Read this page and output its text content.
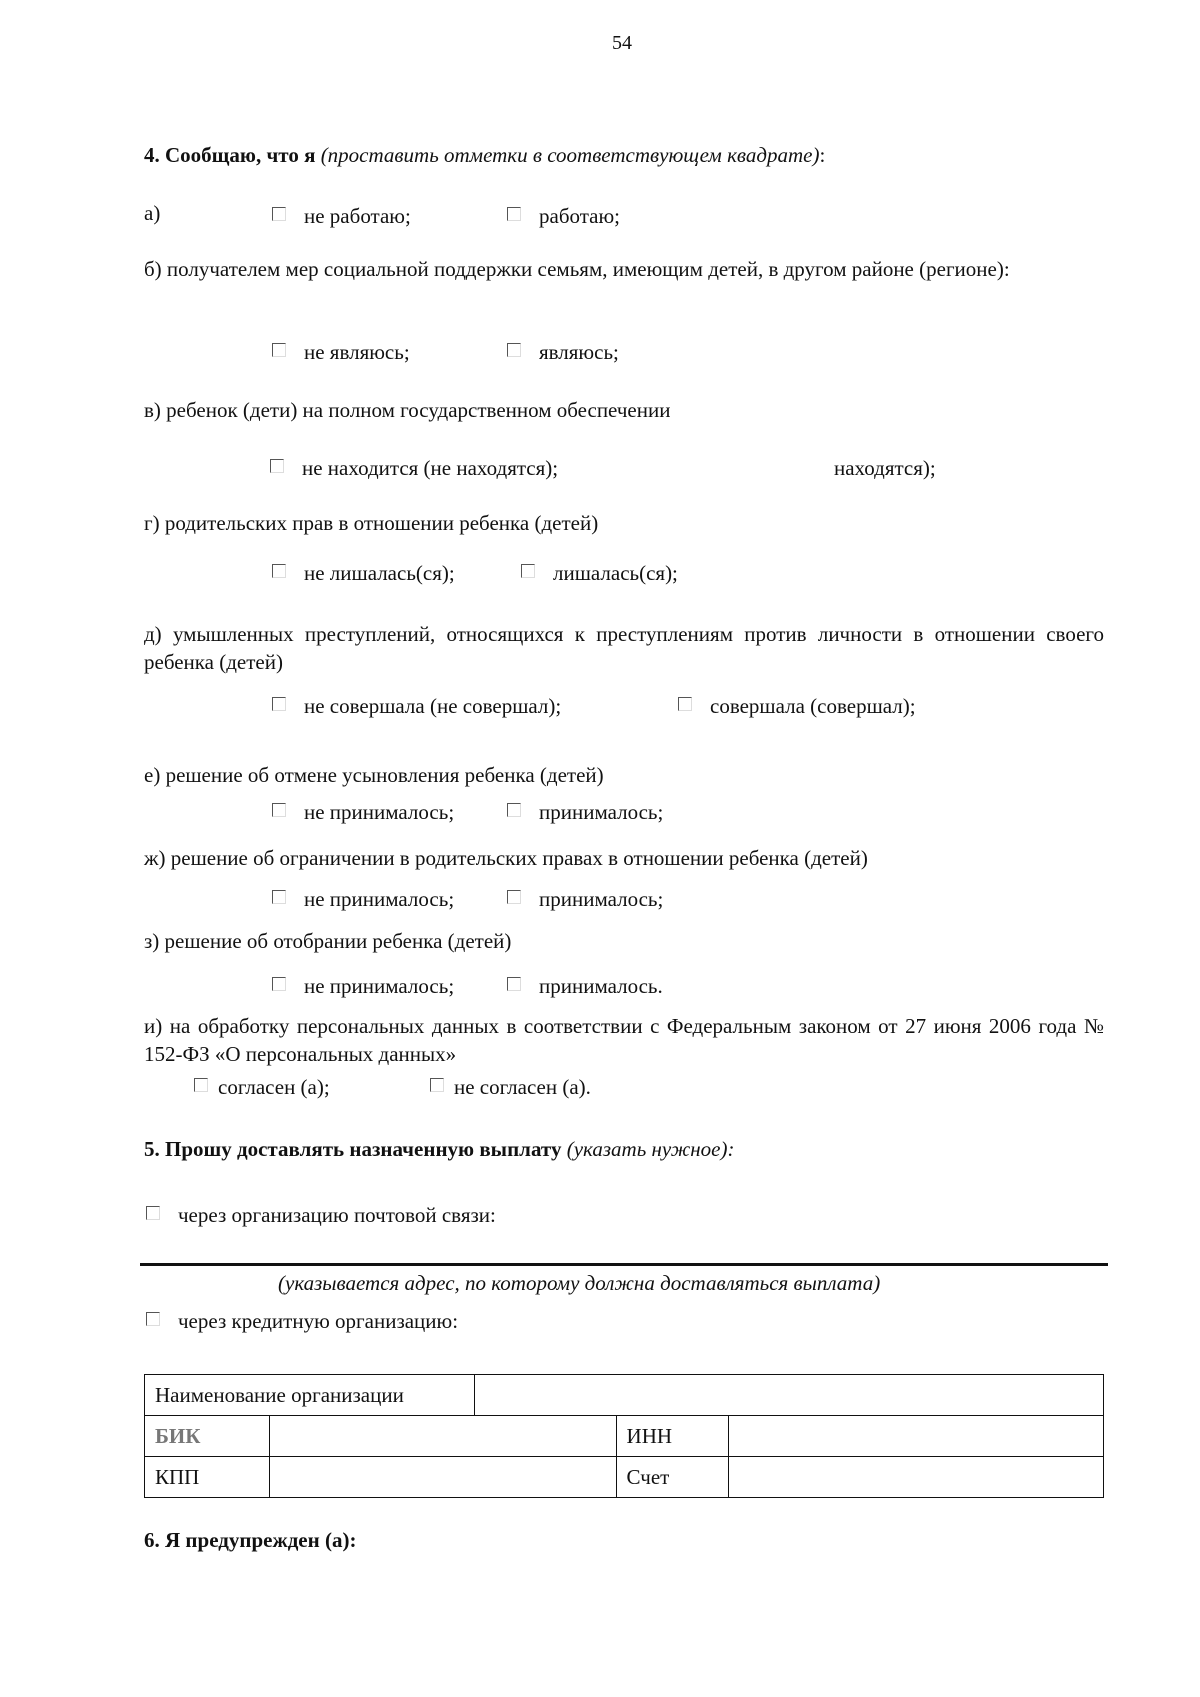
54
4. Сообщаю, что я (проставить отметки в соответствующем квадрате):
а)	не работаю;	работаю;
б) получателем мер социальной поддержки семьям, имеющим детей, в другом районе (регионе):
не являюсь;	являюсь;
в) ребенок (дети) на полном государственном обеспечении
не находится (не находятся);	находятся);
г) родительских прав в отношении ребенка (детей)
не лишалась(ся);	лишалась(ся);
д) умышленных преступлений, относящихся к преступлениям против личности в отношении своего ребенка (детей)
не совершала (не совершал);	совершала (совершал);
е) решение об отмене усыновления ребенка (детей)
не принималось;	принималось;
ж) решение об ограничении в родительских правах в отношении ребенка (детей)
не принималось;	принималось;
з) решение об отобрании ребенка (детей)
не принималось;	принималось.
и) на обработку персональных данных в соответствии с Федеральным законом от 27 июня 2006 года № 152-ФЗ «О персональных данных»
согласен (а);	не согласен (а).
5. Прошу доставлять назначенную выплату (указать нужное):
через организацию почтовой связи:
(указывается адрес, по которому должна доставляться выплата)
через кредитную организацию:
Наименование организации				
БИК			ИНН	
КПП			Счет	
6. Я предупрежден (а):
